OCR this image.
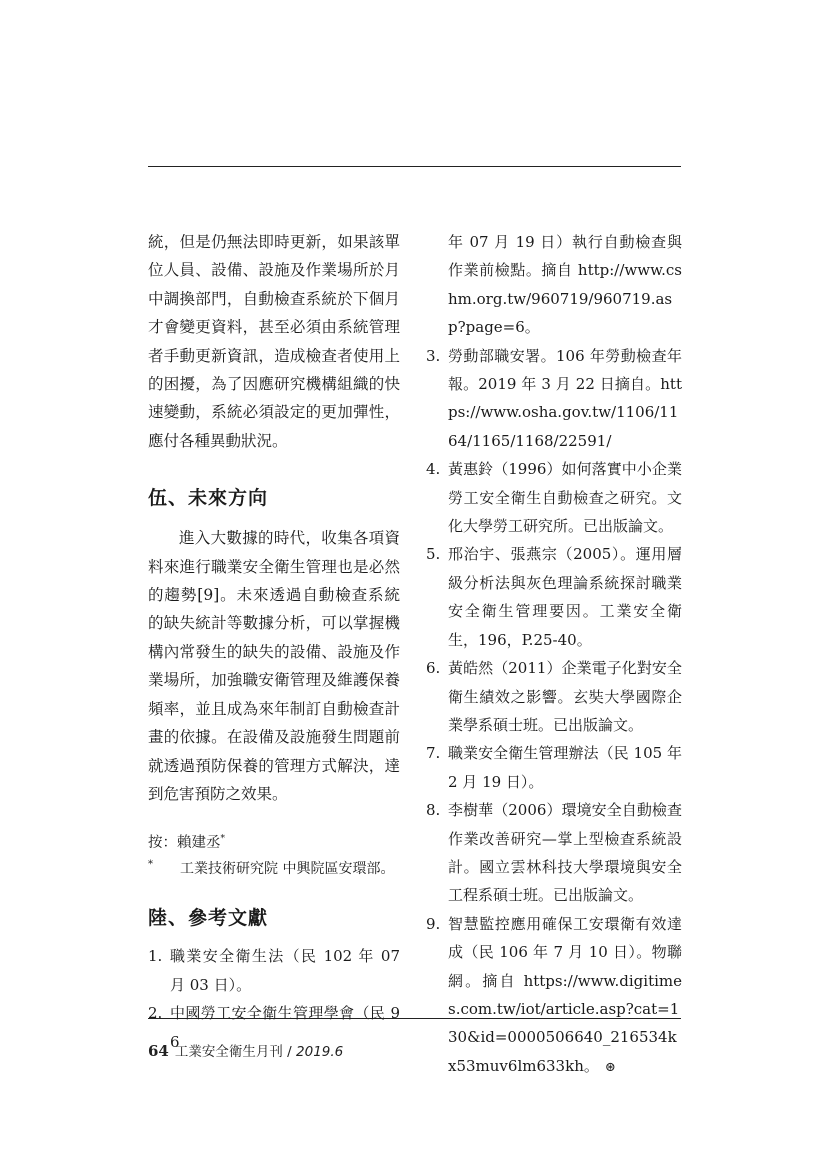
統，但是仍無法即時更新，如果該單位人員、設備、設施及作業場所於月中調換部門，自動檢查系統於下個月才會變更資料，甚至必須由系統管理者手動更新資訊，造成檢查者使用上的困擾，為了因應研究機構組織的快速變動，系統必須設定的更加彈性，應付各種異動狀況。

伍、未來方向

進入大數據的時代，收集各項資料來進行職業安全衛生管理也是必然的趨勢[9]。未來透過自動檢查系統的缺失統計等數據分析，可以掌握機構內常發生的缺失的設備、設施及作業場所，加強職安衛管理及維護保養頻率，並且成為來年制訂自動檢查計畫的依據。在設備及設施發生問題前就透過預防保養的管理方式解決，達到危害預防之效果。

按：賴建丞*
*	工業技術研究院 中興院區安環部。
陸、參考文獻
1. 職業安全衛生法（民 102 年 07 月 03 日）。
2. 中國勞工安全衛生管理學會（民 96
年 07 月 19 日）執行自動檢查與作業前檢點。摘自 http://www.cshm.org.tw/960719/960719.asp?page=6。
3. 勞動部職安署。106 年勞動檢查年報。2019 年 3 月 22 日摘自。https://www.osha.gov.tw/1106/1164/1165/1168/22591/
4. 黃惠鈴（1996）如何落實中小企業勞工安全衛生自動檢查之研究。文化大學勞工研究所。已出版論文。
5. 邢治宇、張燕宗（2005）。運用層級分析法與灰色理論系統探討職業安全衛生管理要因。工業安全衛生，196，P.25-40。
6. 黃皓然（2011）企業電子化對安全衛生績效之影響。玄奘大學國際企業學系碩士班。已出版論文。
7. 職業安全衛生管理辦法（民 105 年 2 月 19 日）。
8. 李樹華（2006）環境安全自動檢查作業改善研究—掌上型檢查系統設計。國立雲林科技大學環境與安全工程系碩士班。已出版論文。
9. 智慧監控應用確保工安環衛有效達成（民 106 年 7 月 10 日）。物聯網。摘自 https://www.digitimes.com.tw/iot/article.asp?cat=130&id=0000506640_216534kx53muv6lm633kh。 ⊛
64 工業安全衛生月刊 / 2019.6
